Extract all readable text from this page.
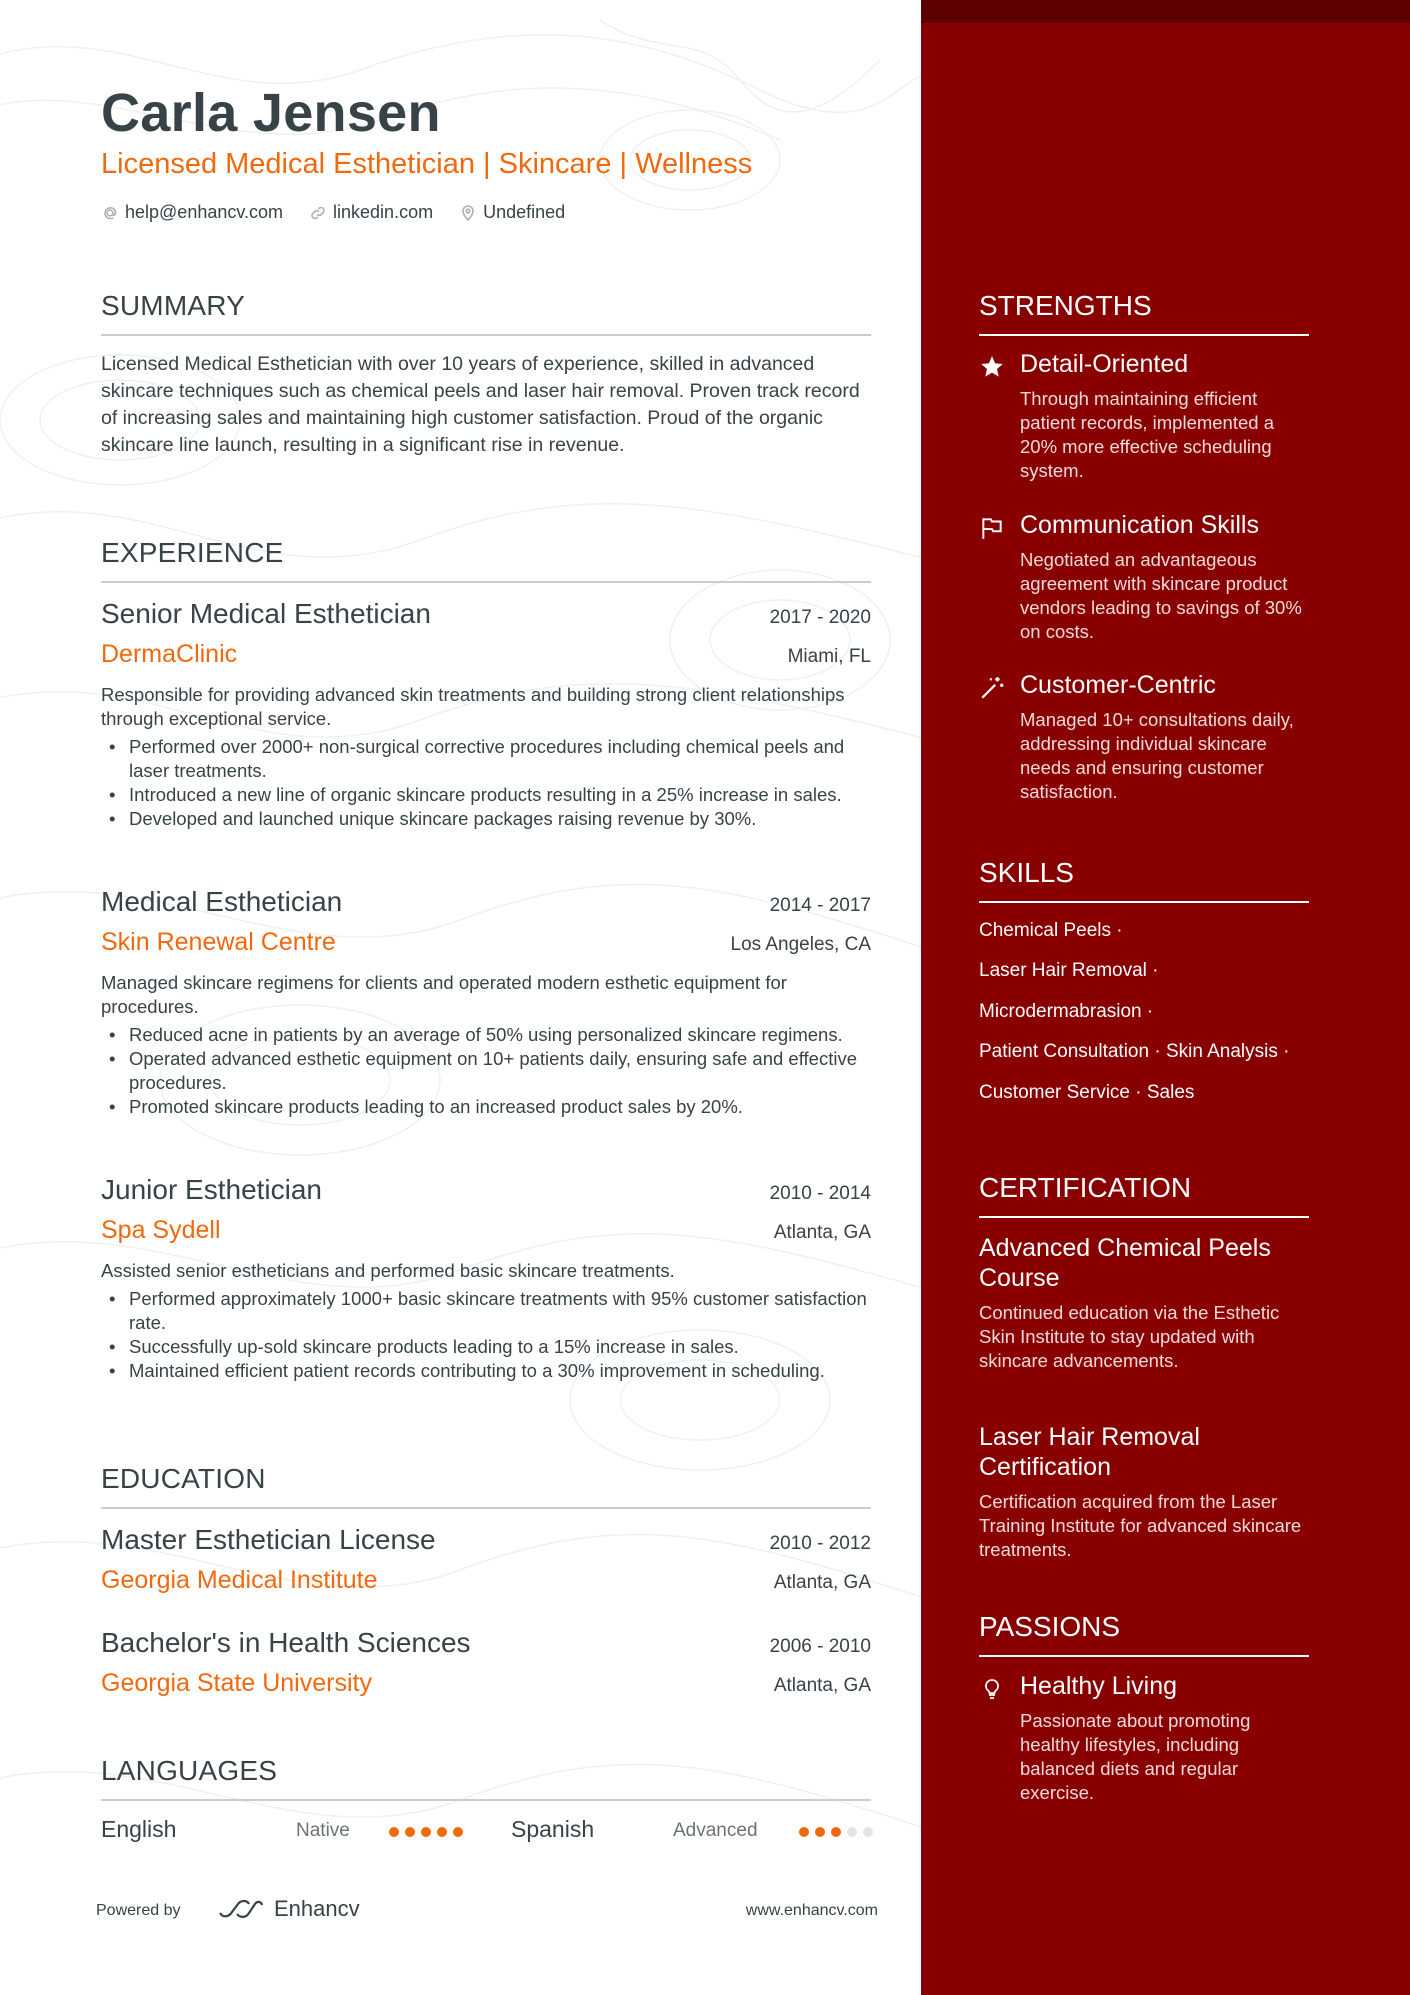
Carla Jensen
Licensed Medical Esthetician | Skincare | Wellness
help@enhancv.com	linkedin.com	Undefined
SUMMARY
Licensed Medical Esthetician with over 10 years of experience, skilled in advanced skincare techniques such as chemical peels and laser hair removal. Proven track record of increasing sales and maintaining high customer satisfaction. Proud of the organic skincare line launch, resulting in a significant rise in revenue.
EXPERIENCE
Senior Medical Esthetician	2017 - 2020
DermaClinic	Miami, FL
Responsible for providing advanced skin treatments and building strong client relationships through exceptional service.
• Performed over 2000+ non-surgical corrective procedures including chemical peels and laser treatments.
• Introduced a new line of organic skincare products resulting in a 25% increase in sales.
• Developed and launched unique skincare packages raising revenue by 30%.
Medical Esthetician	2014 - 2017
Skin Renewal Centre	Los Angeles, CA
Managed skincare regimens for clients and operated modern esthetic equipment for procedures.
• Reduced acne in patients by an average of 50% using personalized skincare regimens.
• Operated advanced esthetic equipment on 10+ patients daily, ensuring safe and effective procedures.
• Promoted skincare products leading to an increased product sales by 20%.
Junior Esthetician	2010 - 2014
Spa Sydell	Atlanta, GA
Assisted senior estheticians and performed basic skincare treatments.
• Performed approximately 1000+ basic skincare treatments with 95% customer satisfaction rate.
• Successfully up-sold skincare products leading to a 15% increase in sales.
• Maintained efficient patient records contributing to a 30% improvement in scheduling.
EDUCATION
Master Esthetician License	2010 - 2012
Georgia Medical Institute	Atlanta, GA
Bachelor's in Health Sciences	2006 - 2010
Georgia State University	Atlanta, GA
LANGUAGES
English	Native	Spanish	Advanced
Powered by	Enhancv	www.enhancv.com
STRENGTHS
Detail-Oriented
Through maintaining efficient patient records, implemented a 20% more effective scheduling system.
Communication Skills
Negotiated an advantageous agreement with skincare product vendors leading to savings of 30% on costs.
Customer-Centric
Managed 10+ consultations daily, addressing individual skincare needs and ensuring customer satisfaction.
SKILLS
Chemical Peels ·
Laser Hair Removal ·
Microdermabrasion ·
Patient Consultation · Skin Analysis ·
Customer Service · Sales
CERTIFICATION
Advanced Chemical Peels Course
Continued education via the Esthetic Skin Institute to stay updated with skincare advancements.
Laser Hair Removal Certification
Certification acquired from the Laser Training Institute for advanced skincare treatments.
PASSIONS
Healthy Living
Passionate about promoting healthy lifestyles, including balanced diets and regular exercise.
